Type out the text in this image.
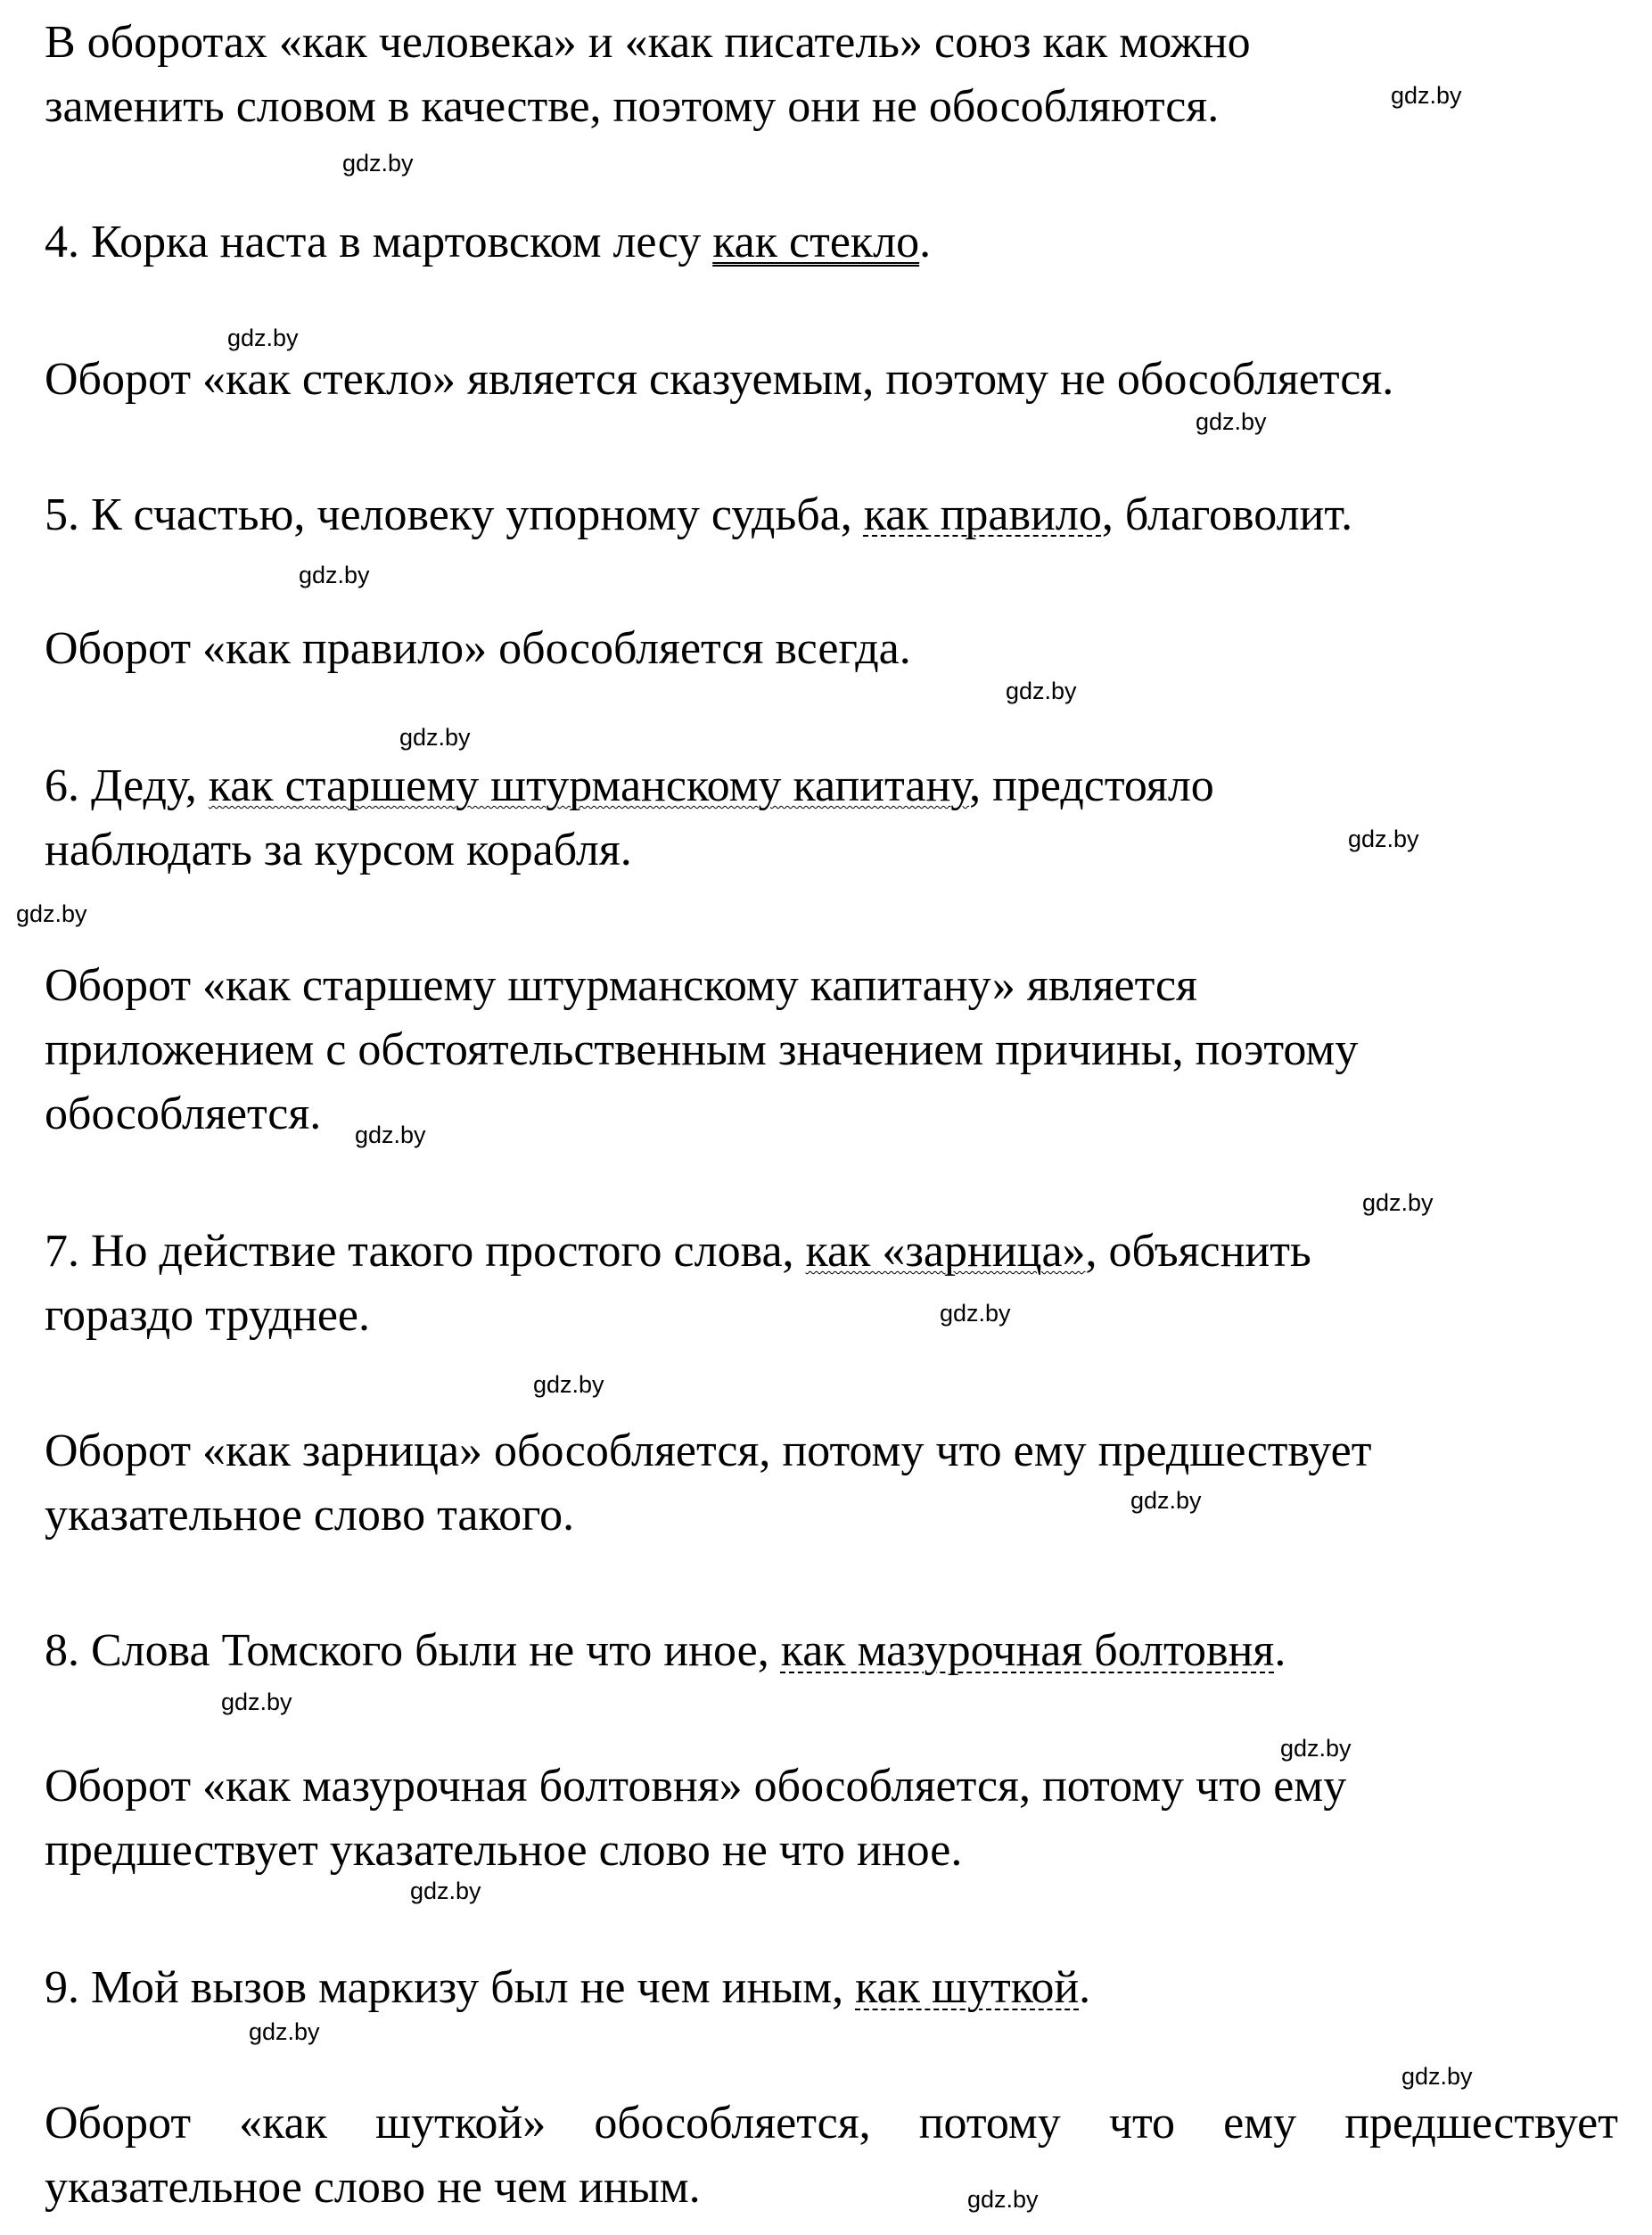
В оборотах «как человека» и «как писатель» союз как можно
заменить словом в качестве, поэтому они не обособляются.
4. Корка наста в мартовском лесу как стекло.
Оборот «как стекло» является сказуемым, поэтому не обособляется.
5. К счастью, человеку упорному судьба, как правило, благоволит.
Оборот «как правило» обособляется всегда.
6. Деду, как старшему штурманскому капитану, предстояло
наблюдать за курсом корабля.
Оборот «как старшему штурманскому капитану» является
приложением с обстоятельственным значением причины, поэтому
обособляется.
7. Но действие такого простого слова, как «зарница», объяснить
гораздо труднее.
Оборот «как зарница» обособляется, потому что ему предшествует
указательное слово такого.
8. Слова Томского были не что иное, как мазурочная болтовня.
Оборот «как мазурочная болтовня» обособляется, потому что ему
предшествует указательное слово не что иное.
9. Мой вызов маркизу был не чем иным, как шуткой.
Оборот «как шуткой» обособляется, потому что ему предшествует
указательное слово не чем иным.
gdz.by
gdz.by
gdz.by
gdz.by
gdz.by
gdz.by
gdz.by
gdz.by
gdz.by
gdz.by
gdz.by
gdz.by
gdz.by
gdz.by
gdz.by
gdz.by
gdz.by
gdz.by
gdz.by
gdz.by
